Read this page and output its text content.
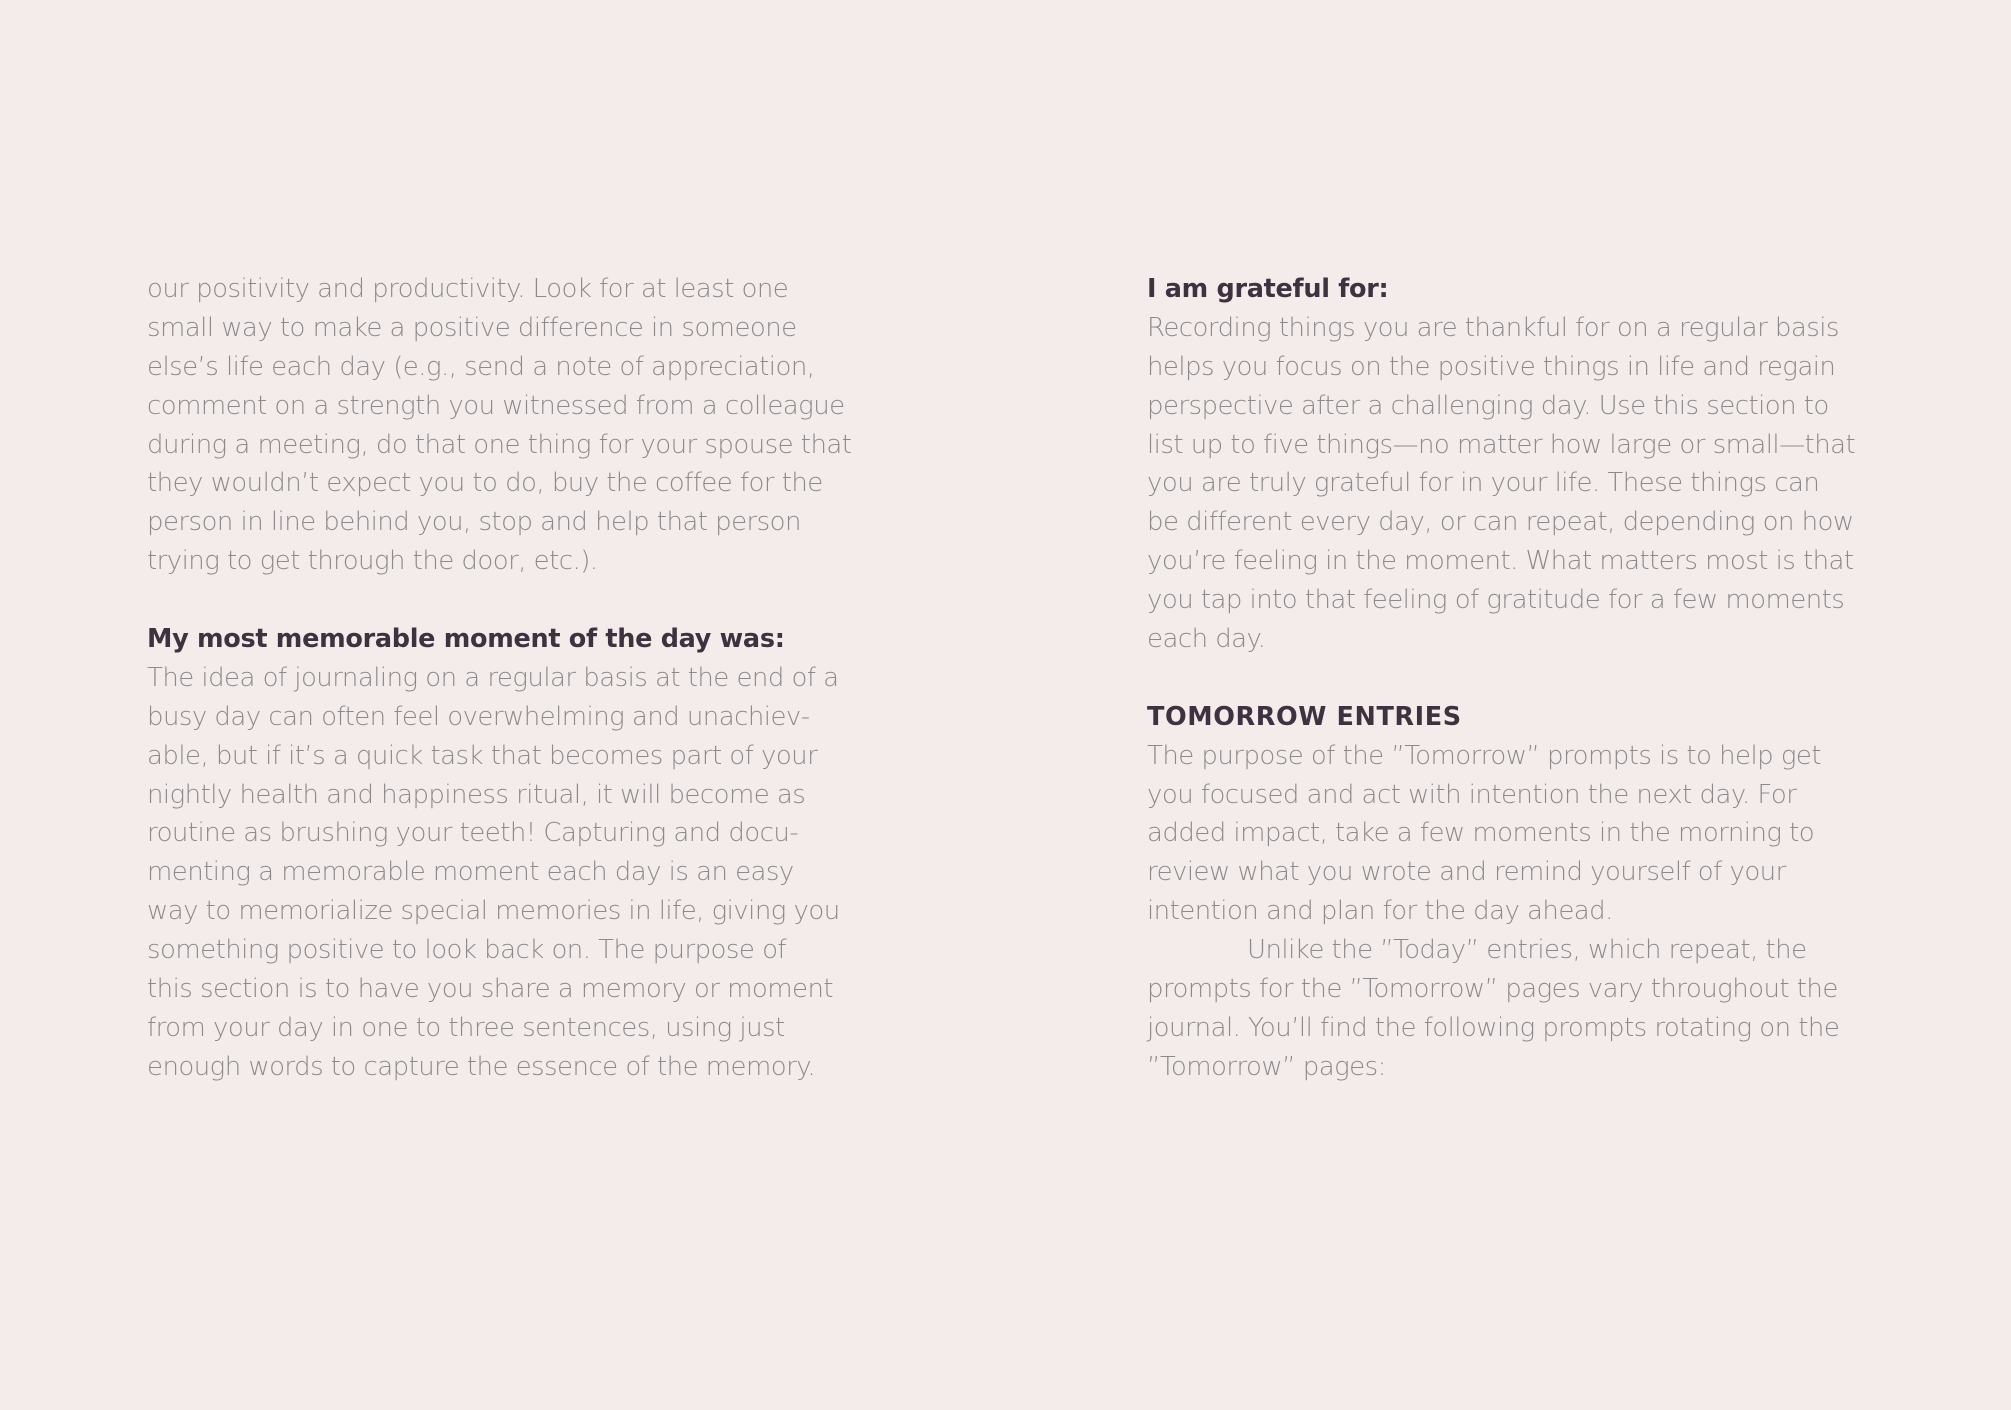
our positivity and productivity. Look for at least one
small way to make a positive difference in someone
else’s life each day (e.g., send a note of appreciation,
comment on a strength you witnessed from a colleague
during a meeting, do that one thing for your spouse that
they wouldn’t expect you to do, buy the coffee for the
person in line behind you, stop and help that person
trying to get through the door, etc.).
My most memorable moment of the day was:
The idea of journaling on a regular basis at the end of a
busy day can often feel overwhelming and unachiev-
able, but if it’s a quick task that becomes part of your
nightly health and happiness ritual, it will become as
routine as brushing your teeth! Capturing and docu-
menting a memorable moment each day is an easy
way to memorialize special memories in life, giving you
something positive to look back on. The purpose of
this section is to have you share a memory or moment
from your day in one to three sentences, using just
enough words to capture the essence of the memory.
I am grateful for:
Recording things you are thankful for on a regular basis
helps you focus on the positive things in life and regain
perspective after a challenging day. Use this section to
list up to five things—no matter how large or small—that
you are truly grateful for in your life. These things can
be different every day, or can repeat, depending on how
you’re feeling in the moment. What matters most is that
you tap into that feeling of gratitude for a few moments
each day.
TOMORROW ENTRIES
The purpose of the ”Tomorrow” prompts is to help get
you focused and act with intention the next day. For
added impact, take a few moments in the morning to
review what you wrote and remind yourself of your
intention and plan for the day ahead.
Unlike the ”Today” entries, which repeat, the
prompts for the ”Tomorrow” pages vary throughout the
journal. You’ll find the following prompts rotating on the
”Tomorrow” pages:
